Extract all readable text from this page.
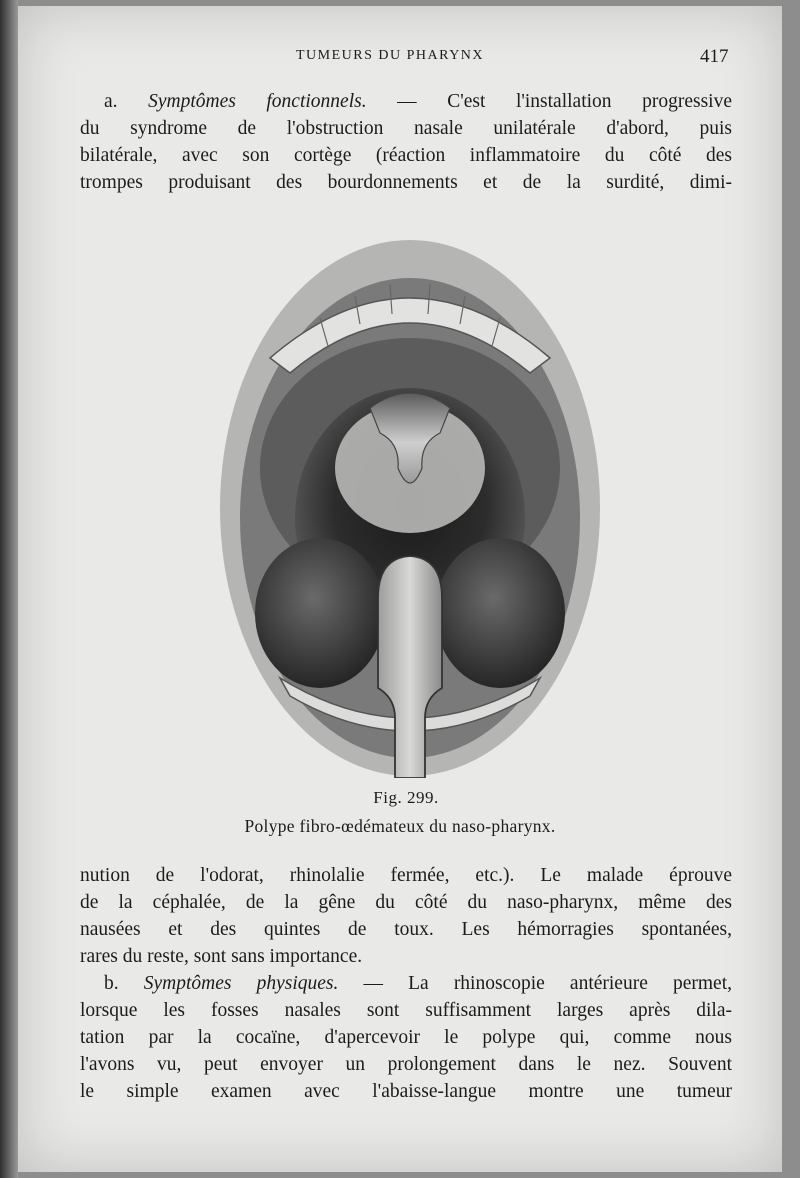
TUMEURS DU PHARYNX	417
a. Symptômes fonctionnels. — C'est l'installation progressive
du syndrome de l'obstruction nasale unilatérale d'abord, puis
bilatérale, avec son cortège (réaction inflammatoire du côté des
trompes produisant des bourdonnements et de la surdité, dimi-
Fig. 299.
Polype fibro-œdémateux du naso-pharynx.
nution de l'odorat, rhinolalie fermée, etc.). Le malade éprouve
de la céphalée, de la gêne du côté du naso-pharynx, même des
nausées et des quintes de toux. Les hémorragies spontanées,
rares du reste, sont sans importance.
b. Symptômes physiques. — La rhinoscopie antérieure permet,
lorsque les fosses nasales sont suffisamment larges après dila-
tation par la cocaïne, d'apercevoir le polype qui, comme nous
l'avons vu, peut envoyer un prolongement dans le nez. Souvent
le simple examen avec l'abaisse-langue montre une tumeur
